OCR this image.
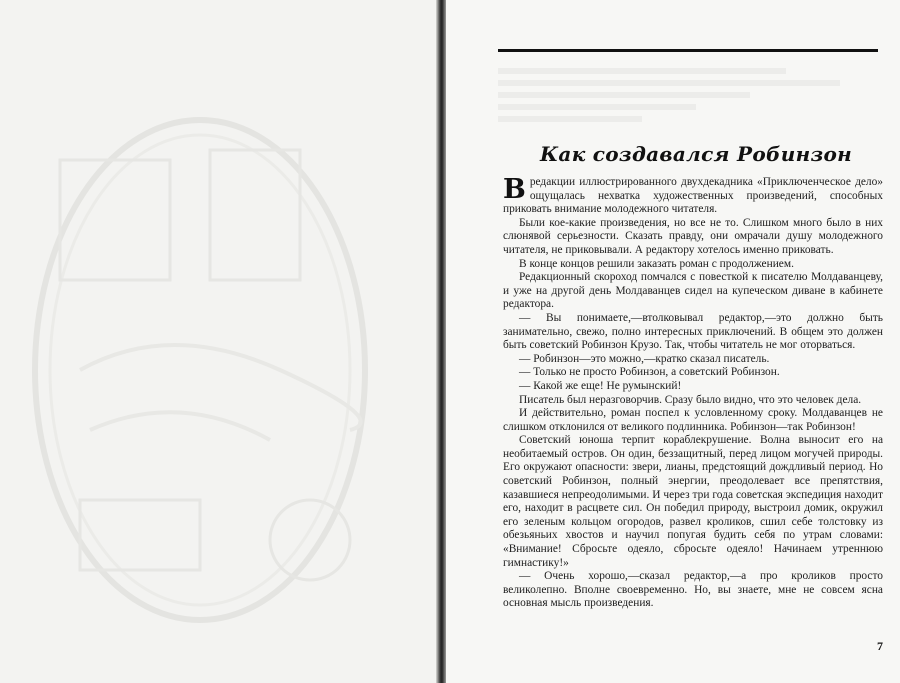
Как создавался Робинзон

Вредакции иллюстрированного двухдекадника «Приключенческое дело» ощущалась нехватка художественных произведений, способных приковать внимание молодежного читателя.

Были кое-какие произведения, но все не то. Слишком много было в них слюнявой серьезности. Сказать правду, они омрачали душу молодежного читателя, не приковывали. А редактору хотелось именно приковать.

В конце концов решили заказать роман с продолжением.

Редакционный скороход помчался с повесткой к писателю Молдаванцеву, и уже на другой день Молдаванцев сидел на купеческом диване в кабинете редактора.

— Вы понимаете,—втолковывал редактор,—это должно быть занимательно, свежо, полно интересных приключений. В общем это должен быть советский Робинзон Крузо. Так, чтобы читатель не мог оторваться.

— Робинзон—это можно,—кратко сказал писатель.

— Только не просто Робинзон, а советский Робинзон.

— Какой же еще! Не румынский!

Писатель был неразговорчив. Сразу было видно, что это человек дела.

И действительно, роман поспел к условленному сроку. Молдаванцев не слишком отклонился от великого подлинника. Робинзон—так Робинзон!

Советский юноша терпит кораблекрушение. Волна выносит его на необитаемый остров. Он один, беззащитный, перед лицом могучей природы. Его окружают опасности: звери, лианы, предстоящий дождливый период. Но советский Робинзон, полный энергии, преодолевает все препятствия, казавшиеся непреодолимыми. И через три года советская экспедиция находит его, находит в расцвете сил. Он победил природу, выстроил домик, окружил его зеленым кольцом огородов, развел кроликов, сшил себе толстовку из обезьяньих хвостов и научил попугая будить себя по утрам словами: «Внимание! Сбросьте одеяло, сбросьте одеяло! Начинаем утреннюю гимнастику!»

— Очень хорошо,—сказал редактор,—а про кроликов просто великолепно. Вполне своевременно. Но, вы знаете, мне не совсем ясна основная мысль произведения.

7
